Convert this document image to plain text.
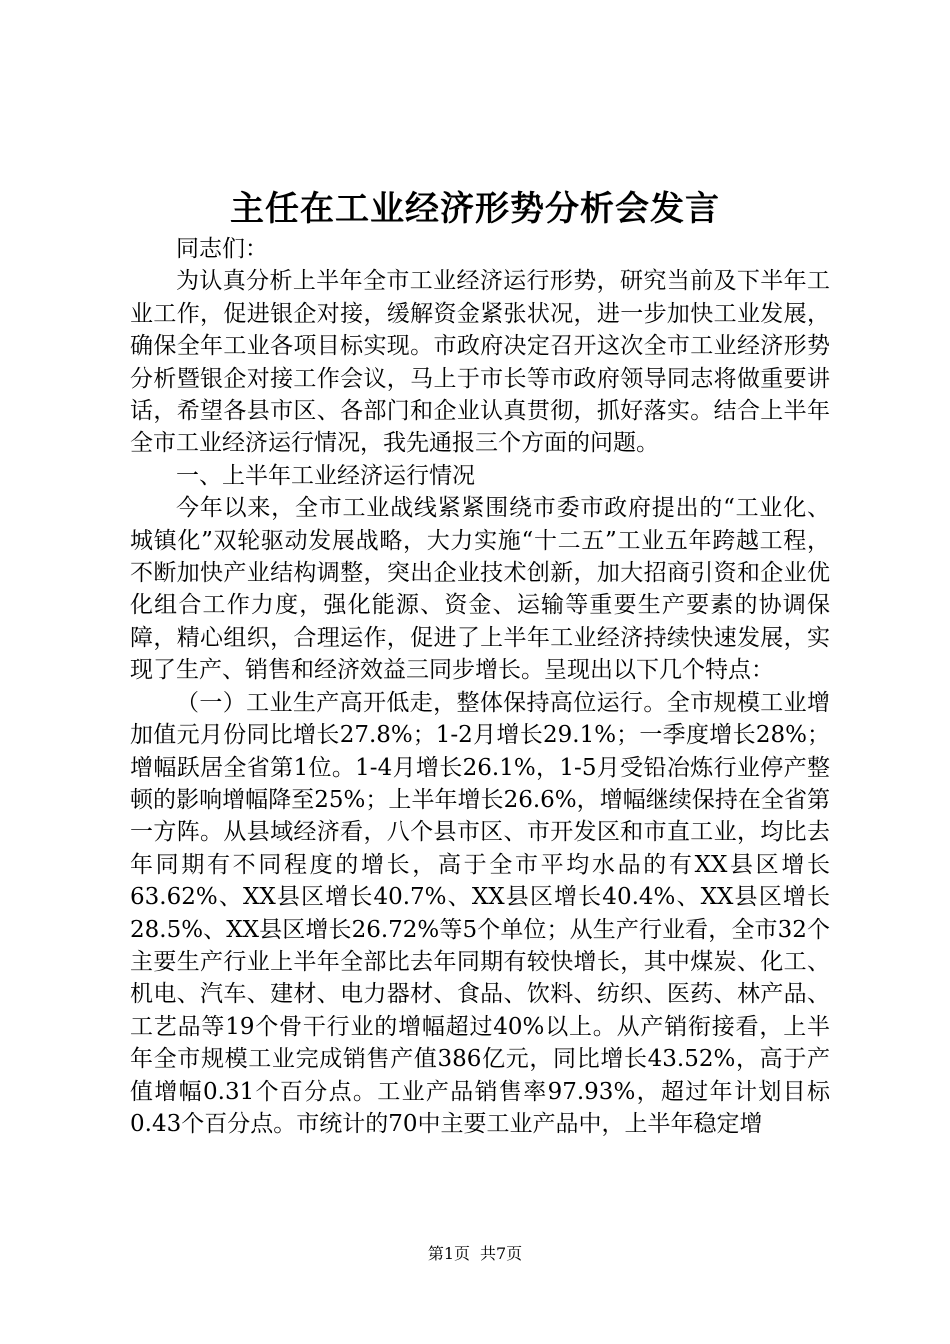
主任在工业经济形势分析会发言

同志们：

为认真分析上半年全市工业经济运行形势，研究当前及下半年工业工作，促进银企对接，缓解资金紧张状况，进一步加快工业发展，确保全年工业各项目标实现。市政府决定召开这次全市工业经济形势分析暨银企对接工作会议，马上于市长等市政府领导同志将做重要讲话，希望各县市区、各部门和企业认真贯彻，抓好落实。结合上半年全市工业经济运行情况，我先通报三个方面的问题。

一、上半年工业经济运行情况

今年以来，全市工业战线紧紧围绕市委市政府提出的“工业化、城镇化”双轮驱动发展战略，大力实施“十二五”工业五年跨越工程，不断加快产业结构调整，突出企业技术创新，加大招商引资和企业优化组合工作力度，强化能源、资金、运输等重要生产要素的协调保障，精心组织，合理运作，促进了上半年工业经济持续快速发展，实现了生产、销售和经济效益三同步增长。呈现出以下几个特点：

（一）工业生产高开低走，整体保持高位运行。全市规模工业增加值元月份同比增长27.8%；1-2月增长29.1%；一季度增长28%；增幅跃居全省第1位。1-4月增长26.1%，1-5月受铅冶炼行业停产整顿的影响增幅降至25%；上半年增长26.6%，增幅继续保持在全省第一方阵。从县域经济看，八个县市区、市开发区和市直工业，均比去年同期有不同程度的增长，高于全市平均水品的有XX县区增长63.62%、XX县区增长40.7%、XX县区增长40.4%、XX县区增长28.5%、XX县区增长26.72%等5个单位；从生产行业看，全市32个主要生产行业上半年全部比去年同期有较快增长，其中煤炭、化工、机电、汽车、建材、电力器材、食品、饮料、纺织、医药、林产品、工艺品等19个骨干行业的增幅超过40%以上。从产销衔接看，上半年全市规模工业完成销售产值386亿元，同比增长43.52%，高于产值增幅0.31个百分点。工业产品销售率97.93%，超过年计划目标0.43个百分点。市统计的70中主要工业产品中，上半年稳定增

第1页 共7页
